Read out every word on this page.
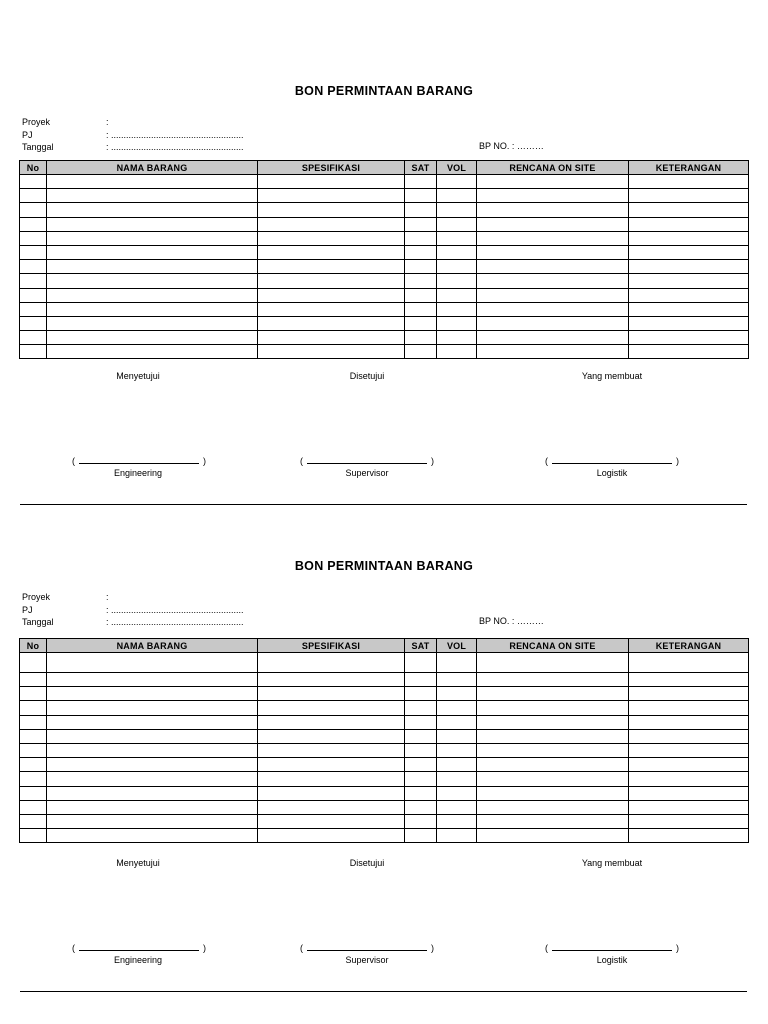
BON PERMINTAAN BARANG
Proyek	:
PJ	: .....................................................
Tanggal	: .....................................................	BP NO. : ………
No	NAMA BARANG	SPESIFIKASI	SAT	VOL	RENCANA ON SITE	KETERANGAN

Menyetujui	Disetujui	Yang membuat
(	)	(	)	(	)
Engineering	Supervisor	Logistik
BON PERMINTAAN BARANG
Proyek	:
PJ	: .....................................................
Tanggal	: .....................................................	BP NO. : ………
No	NAMA BARANG	SPESIFIKASI	SAT	VOL	RENCANA ON SITE	KETERANGAN

Menyetujui	Disetujui	Yang membuat
(	)	(	)	(	)
Engineering	Supervisor	Logistik
